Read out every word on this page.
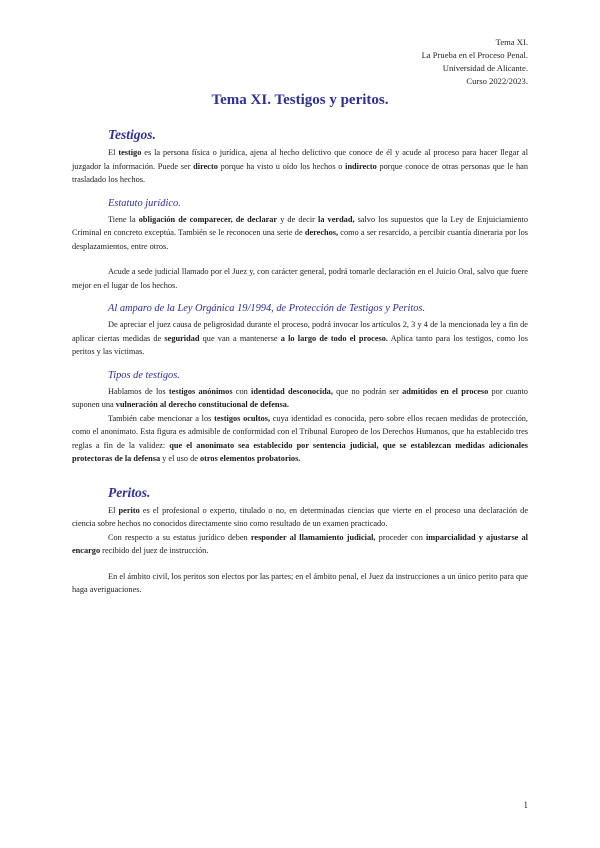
Tema XI.
La Prueba en el Proceso Penal.
Universidad de Alicante.
Curso 2022/2023.
Tema XI. Testigos y peritos.
Testigos.

El testigo es la persona física o jurídica, ajena al hecho delictivo que conoce de él y acude al proceso para hacer llegar al juzgador la información. Puede ser directo porque ha visto u oído los hechos o indirecto porque conoce de otras personas que le han trasladado los hechos.

Estatuto jurídico.

Tiene la obligación de comparecer, de declarar y de decir la verdad, salvo los supuestos que la Ley de Enjuiciamiento Criminal en concreto exceptúa. También se le reconocen una serie de derechos, como a ser resarcido, a percibir cuantía dineraria por los desplazamientos, entre otros.

Acude a sede judicial llamado por el Juez y, con carácter general, podrá tomarle declaración en el Juicio Oral, salvo que fuere mejor en el lugar de los hechos.

Al amparo de la Ley Orgánica 19/1994, de Protección de Testigos y Peritos.

De apreciar el juez causa de peligrosidad durante el proceso, podrá invocar los artículos 2, 3 y 4 de la mencionada ley a fin de aplicar ciertas medidas de seguridad que van a mantenerse a lo largo de todo el proceso. Aplica tanto para los testigos, como los peritos y las víctimas.

Tipos de testigos.

Hablamos de los testigos anónimos con identidad desconocida, que no podrán ser admitidos en el proceso por cuanto suponen una vulneración al derecho constitucional de defensa.

También cabe mencionar a los testigos ocultos, cuya identidad es conocida, pero sobre ellos recaen medidas de protección, como el anonimato. Esta figura es admisible de conformidad con el Tribunal Europeo de los Derechos Humanos, que ha establecido tres reglas a fin de la validez: que el anonimato sea establecido por sentencia judicial, que se establezcan medidas adicionales protectoras de la defensa y el uso de otros elementos probatorios.

Peritos.

El perito es el profesional o experto, titulado o no, en determinadas ciencias que vierte en el proceso una declaración de ciencia sobre hechos no conocidos directamente sino como resultado de un examen practicado.

Con respecto a su estatus jurídico deben responder al llamamiento judicial, proceder con imparcialidad y ajustarse al encargo recibido del juez de instrucción.

En el ámbito civil, los peritos son electos por las partes; en el ámbito penal, el Juez da instrucciones a un único perito para que haga averiguaciones.

1
